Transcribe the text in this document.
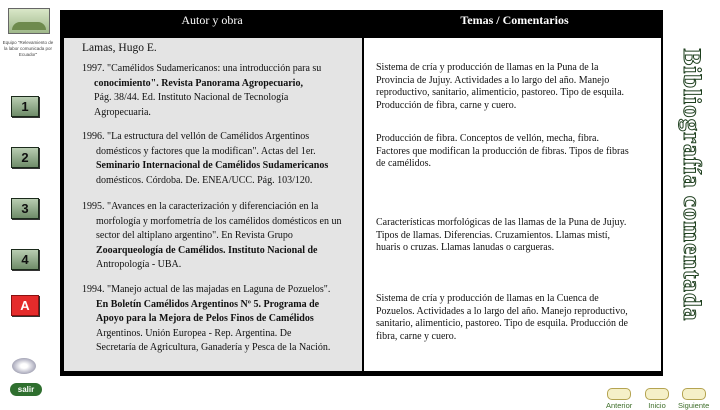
Equipo "Relevamiento de la labor comunicada por Ecuador"
1
2
3
4
A
salir
Autor y obra	Temas / Comentarios
Lamas, Hugo E.
1997. "Camélidos Sudamericanos: una introducción para su
conocimiento". Revista Panorama Agropecuario,
Pág. 38/44. Ed. Instituto Nacional de Tecnología
Agropecuaria.
Sistema de cría y producción de llamas en la Puna de la
Provincia de Jujuy. Actividades a lo largo del año. Manejo
reproductivo, sanitario, alimenticio, pastoreo. Tipo de esquila.
Producción de fibra, carne y cuero.
1996. "La estructura del vellón de Camélidos Argentinos
domésticos y factores que la modifican". Actas del 1er.
Seminario Internacional de Camélidos Sudamericanos
domésticos. Córdoba. De. ENEA/UCC. Pág. 103/120.
Producción de fibra. Conceptos de vellón, mecha, fibra.
Factores que modifican la producción de fibras. Tipos de fibras
de camélidos.
1995. "Avances en la caracterización y diferenciación en la
morfología y morfometría de los camélidos domésticos en un
sector del altiplano argentino". En Revista Grupo
Zooarqueología de Camélidos. Instituto Nacional de
Antropología - UBA.
Características morfológicas de las llamas de la Puna de Jujuy.
Tipos de llamas. Diferencias. Cruzamientos. Llamas mistí,
huaris o cruzas. Llamas lanudas o cargueras.
1994. "Manejo actual de las majadas en Laguna de Pozuelos".
En Boletín Camélidos Argentinos Nº 5. Programa de
Apoyo para la Mejora de Pelos Finos de Camélidos
Argentinos. Unión Europea - Rep. Argentina. De
Secretaría de Agricultura, Ganadería y Pesca de la Nación.
Sistema de cría y producción de llamas en la Cuenca de
Pozuelos. Actividades a lo largo del año. Manejo reproductivo,
sanitario, alimenticio, pastoreo. Tipo de esquila. Producción de
fibra, carne y cuero.
Bibliografía comentada
Anterior	Inicio	Siguiente
